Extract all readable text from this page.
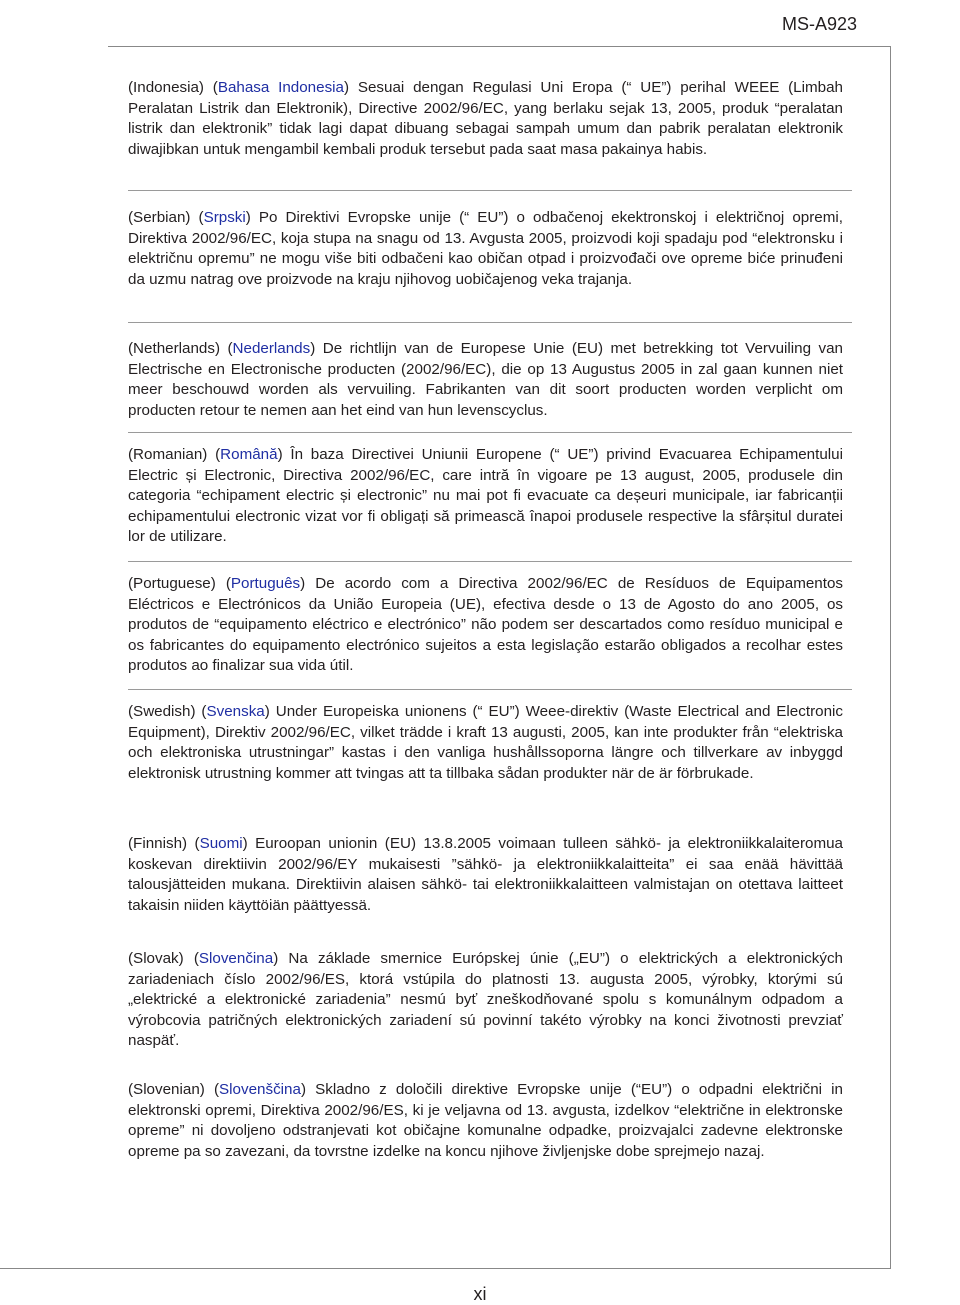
MS-A923

(Indonesia) (Bahasa Indonesia) Sesuai dengan Regulasi Uni Eropa (“ UE”) perihal WEEE (Limbah Peralatan Listrik dan Elektronik), Directive 2002/96/EC, yang berlaku sejak 13, 2005, produk “peralatan listrik dan elektronik” tidak lagi dapat dibuang sebagai sampah umum dan pabrik peralatan elektronik diwajibkan untuk mengambil kembali produk tersebut pada saat masa pakainya habis.

(Serbian) (Srpski) Po Direktivi Evropske unije (“ EU”) o odbačenoj ekektronskoj i električnoj opremi, Direktiva 2002/96/EC, koja stupa na snagu od 13. Avgusta 2005, proizvodi koji spadaju pod “elektronsku i električnu opremu” ne mogu više biti odbačeni kao običan otpad i proizvođači ove opreme biće prinuđeni da uzmu natrag ove proizvode na kraju njihovog uobičajenog veka trajanja.

(Netherlands) (Nederlands) De richtlijn van de Europese Unie (EU) met betrekking tot Vervuiling van Electrische en Electronische producten (2002/96/EC), die op 13 Augustus 2005 in zal gaan kunnen niet meer beschouwd worden als vervuiling. Fabrikanten van dit soort producten worden verplicht om producten retour te nemen aan het eind van hun levenscyclus.

(Romanian) (Română) În baza Directivei Uniunii Europene (“ UE”) privind Evacuarea Echipamentului Electric și Electronic, Directiva 2002/96/EC, care intră în vigoare pe 13 august, 2005, produsele din categoria “echipament electric și electronic” nu mai pot fi evacuate ca deșeuri municipale, iar fabricanții echipamentului electronic vizat vor fi obligați să primească înapoi produsele respective la sfârșitul duratei lor de utilizare.

(Portuguese) (Português) De acordo com a Directiva 2002/96/EC de Resíduos de Equipamentos Eléctricos e Electrónicos da União Europeia (UE), efectiva desde o 13 de Agosto do ano 2005, os produtos de “equipamento eléctrico e electrónico” não podem ser descartados como resíduo municipal e os fabricantes do equipamento electrónico sujeitos a esta legislação estarão obligados a recolhar estes produtos ao finalizar sua vida útil.

(Swedish) (Svenska) Under Europeiska unionens (“ EU”) Weee-direktiv (Waste Electrical and Electronic Equipment), Direktiv 2002/96/EC, vilket trädde i kraft 13 augusti, 2005, kan inte produkter från “elektriska och elektroniska utrustningar” kastas i den vanliga hushållssoporna längre och tillverkare av inbyggd elektronisk utrustning kommer att tvingas att ta tillbaka sådan produkter när de är förbrukade.

(Finnish) (Suomi) Euroopan unionin (EU) 13.8.2005 voimaan tulleen sähkö- ja elektroniikkalaiteromua koskevan direktiivin 2002/96/EY mukaisesti ”sähkö- ja elektroniikkalaitteita” ei saa enää hävittää talousjätteiden mukana. Direktiivin alaisen sähkö- tai elektroniikkalaitteen valmistajan on otettava laitteet takaisin niiden käyttöiän päättyessä.

(Slovak) (Slovenčina) Na základe smernice Európskej únie („EU”) o elektrických a elektronických zariadeniach číslo 2002/96/ES, ktorá vstúpila do platnosti 13. augusta 2005, výrobky, ktorými sú „elektrické a elektronické zariadenia” nesmú byť zneškodňované spolu s komunálnym odpadom a výrobcovia patričných elektronických zariadení sú povinní takéto výrobky na konci životnosti prevziať naspäť.

(Slovenian) (Slovenščina) Skladno z določili direktive Evropske unije (“EU”) o odpadni električni in elektronski opremi, Direktiva 2002/96/ES, ki je veljavna od 13. avgusta, izdelkov “električne in elektronske opreme” ni dovoljeno odstranjevati kot običajne komunalne odpadke, proizvajalci zadevne elektronske opreme pa so zavezani, da tovrstne izdelke na koncu njihove življenjske dobe sprejmejo nazaj.

xi
